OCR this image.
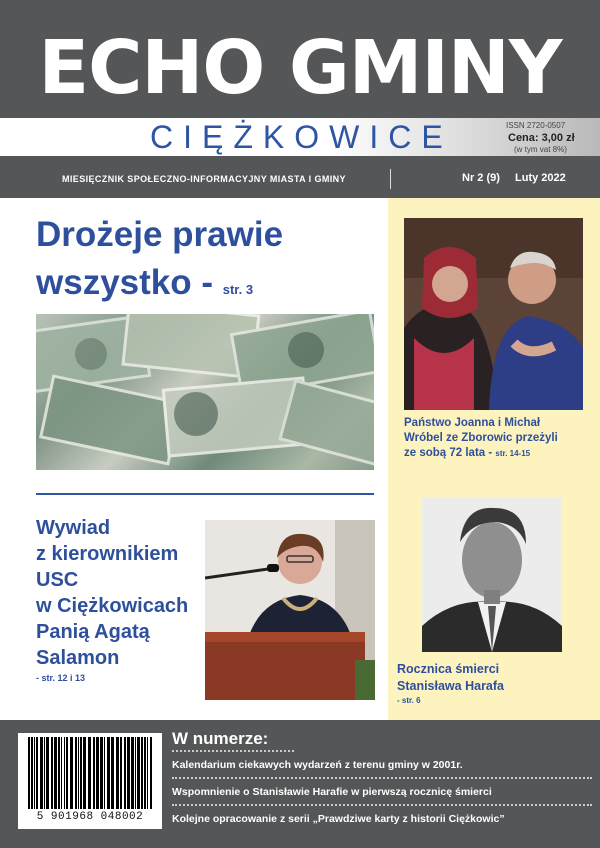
ECHO GMINY
CIĘŻKOWICE	ISSN 2720-0507
Cena: 3,00 zł
(w tym vat 8%)
MIESIĘCZNIK SPOŁECZNO-INFORMACYJNY MIASTA I GMINY	Nr 2 (9) Luty 2022
Drożeje prawie
wszystko - str. 3
Wywiad
z kierownikiem
USC
w Ciężkowicach
Panią Agatą
Salamon
- str. 12 i 13
Państwo Joanna i Michał
Wróbel ze Zborowic przeżyli
ze sobą 72 lata - str. 14-15
Rocznica śmierci
Stanisława Harafa
- str. 6
5 901968 048002
W numerze:
Kalendarium ciekawych wydarzeń z terenu gminy w 2001r.
Wspomnienie o Stanisławie Harafie w pierwszą rocznicę śmierci
Kolejne opracowanie z serii „Prawdziwe karty z historii Ciężkowic”
